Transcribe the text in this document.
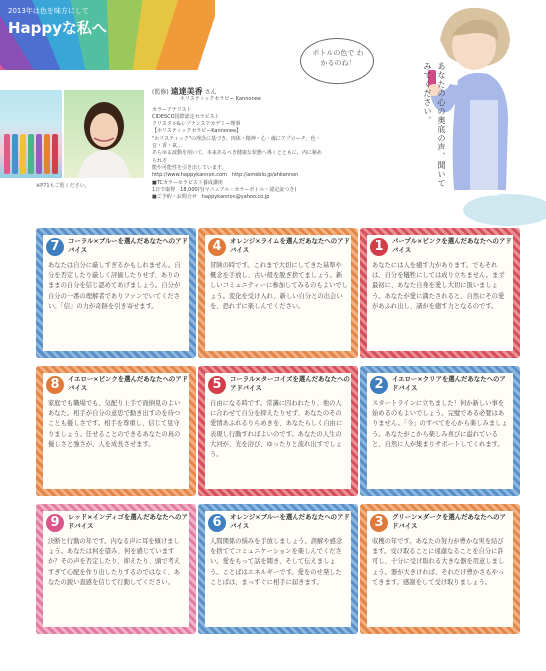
2013年は色を味方にして
Happyな私へ
※P71もご覧ください。
(監修) 遠達美香 さん
ホリスティックセラピー Kannonee
カラーアナリスト
CIDESCO国際認定セラピスト
クリスタル&レゾナンスアカデミー理事
【ホリスティックセラピーKannonee】
"ホリスティック"の理念に基づき、肉体・精神・心・魂にアプローチ。色・音・香・氣…
あらゆる波動を用いて、本来あるべき健康な状態へ導くとともに、内に秘められ才
能や可能性を引き出しています。
http://www.happykannon.com　http://ameblo.jp/ahkannon
■TCカラーセラピスト養成講座
1日で取得　18,000円(マニュアル・カラーボトル・認定証つき)
■ご予約・お問合せ　happykannon@yahoo.co.jp
ボトルの色で わかるのね！	あなたの心の奥底の声、聞いて
みてください。
7	コーラル×ブルーを選んだあなたへのアドバイス
あなたは自分に厳しすぎるかもしれません。自分を否定したり厳しく評価したりせず、ありのままの自分を信じ認めてあげましょう。自分が自分の一番の理解者でありファンでいてください。「信」の力が奇跡を引き寄せます。
4	オレンジ×ライムを選んだあなたへのアドバイス
冒険の時です。これまで大切にしてきた基準や概念を手放し、古い殻を脱ぎ捨てましょう。新しいコミュニティーに参加してみるのもよいでしょう。変化を受け入れ、新しい自分との出会いを、恐れずに楽しんでください。
1	パープル×ピンクを選んだあなたへのアドバイス
あなたには人を癒す力があります。でもそれは、自分を犠牲にしては成り立ちません。まず最初に、あなた自身を愛し大切に扱いましょう。あなたが愛に満たされると、自然にその愛があふれ出し、諸がを癒す力となるのです。
8	イエロー×ピンクを選んだあなたへのアドバイス
家庭でも職場でも、気配り上手で面倒見のよいあなた。相手が自分の意思で動き出すのを待つことも優しさです。相手を尊重し、信じて見守りましょう。任せることのできるあなたの真の優しさと強さが、人を成長させます。
5	コーラル×ターコイズを選んだあなたへのアドバイス
自由になる時です。常識に囚われたり、他の人に合わせて自分を抑えたりせず、あなたのその愛情あふれるりらめきを、あなたらしく自由に表現し行動すればよいのです。あなたの人生の大河が、光を浴び、ゆったりと流れ出すでしょう。
2	イエロー×クリアを選んだあなたへのアドバイス
スタートラインに立ちました！何か新しい事を始めるのもよいでしょう。完璧である必要はありません。「今」のすべてを心から楽しみましょう。あなたがこから楽しみ喜びに溢れていると、自然に人が集まりサポートしてくれます。
9	レッド×インディゴを選んだあなたへのアドバイス
決断と行動の年です。内なる声に耳を傾けましょう。あなたは何を望み、何を感じていますか？その声を否定したり、抑えたり、頭で考えすぎて心配を作り出したりするのではなく、あなたの鋭い直感を信じて行動してください。
6	オレンジ×ブルーを選んだあなたへのアドバイス
人間関係の悩みを手放しましょう。誤解や感念を捨ててコミュニケーションを楽しんでください。愛をもって話を聞き、そして伝えましょう。ことばはエネルギーです。愛をのせ発したことばは、まっすぐに相手に届きます。
3	グリーン×ダークを選んだあなたへのアドバイス
収穫の年です。あなたの努力が豊かな実を結びます。受け取ることに遠慮なることを自分に許可し、十分に受け取れる大きな器を用意しましょう。器が大きければ、それだけ豊かさもやってきます。感謝をして受け取りましょう。
